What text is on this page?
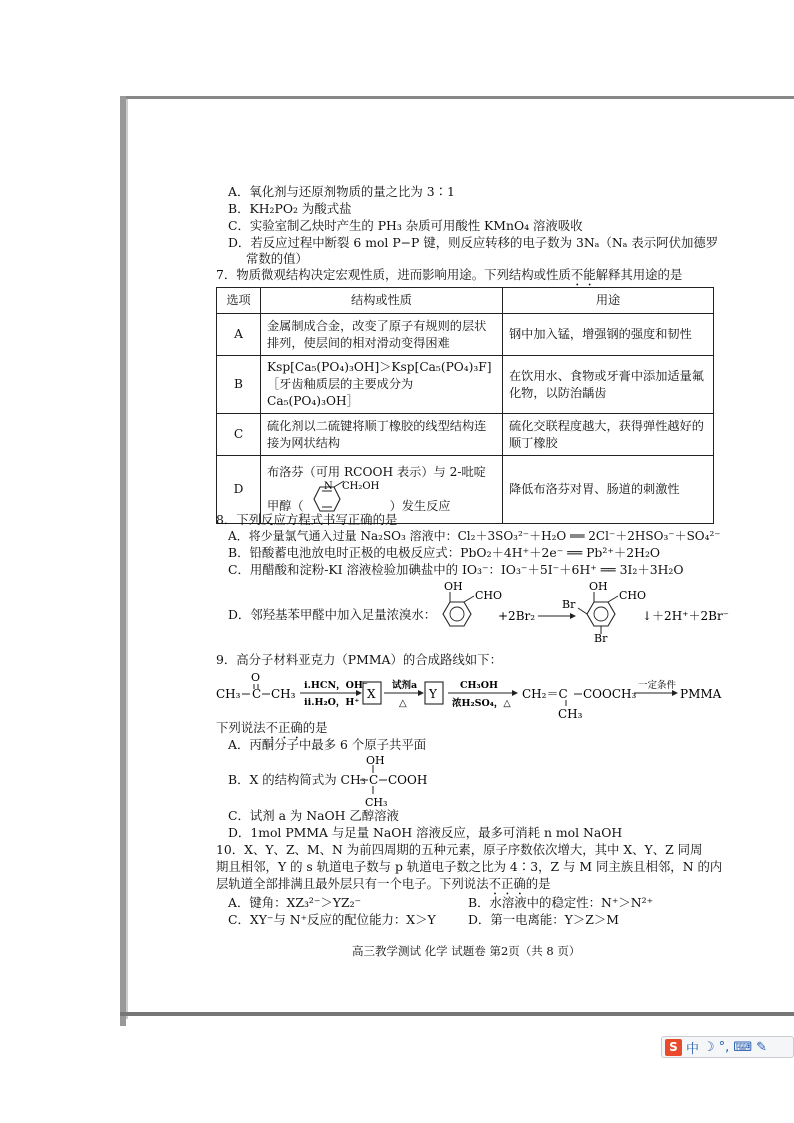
A．氧化剂与还原剂物质的量之比为 3∶1
B．KH₂PO₂ 为酸式盐
C．实验室制乙炔时产生的 PH₃ 杂质可用酸性 KMnO₄ 溶液吸收
D．若反应过程中断裂 6 mol P−P 键，则反应转移的电子数为 3Nₐ（Nₐ 表示阿伏加德罗
常数的值）
7．物质微观结构决定宏观性质，进而影响用途。下列结构或性质不能解释其用途的是
选项	结构或性质	用途
A	金属制成合金，改变了原子有规则的层状排列，使层间的相对滑动变得困难	钢中加入锰，增强钢的强度和韧性
B	Ksp[Ca₅(PO₄)₃OH]＞Ksp[Ca₅(PO₄)₃F]［牙齿釉质层的主要成分为 Ca₅(PO₄)₃OH］	在饮用水、食物或牙膏中添加适量氟化物，以防治龋齿
C	硫化剂以二硫键将顺丁橡胶的线型结构连接为网状结构	硫化交联程度越大，获得弹性越好的顺丁橡胶
D	布洛芬（可用 RCOOH 表示）与 2-吡啶
甲醇（
N CH₂OH
）发生反应	降低布洛芬对胃、肠道的刺激性
8．下列反应方程式书写正确的是
A．将少量氯气通入过量 Na₂SO₃ 溶液中：Cl₂＋3SO₃²⁻＋H₂O ══ 2Cl⁻＋2HSO₃⁻＋SO₄²⁻
B．铅酸蓄电池放电时正极的电极反应式：PbO₂＋4H⁺＋2e⁻ ══ Pb²⁺＋2H₂O
C．用醋酸和淀粉-KI 溶液检验加碘盐中的 IO₃⁻：IO₃⁻＋5I⁻＋6H⁺ ══ 3I₂＋3H₂O
D．邻羟基苯甲醛中加入足量浓溴水：
OH
CHO
+2Br₂
OH
CHO
Br
Br
↓＋2H⁺＋2Br⁻
9．高分子材料亚克力（PMMA）的合成路线如下：
CH₃ C
O
CH₃
i.HCN，OH⁻
ii.H₂O，H⁺
X
试剂a
△
Y
CH₃OH
浓H₂SO₄，△
CH₂＝C COOCH₃
CH₃
一定条件
PMMA
下列说法不正确的是
A．丙酮分子中最多 6 个原子共平面
B．X 的结构简式为 CH₃ C
OH
COOH
CH₃
C．试剂 a 为 NaOH 乙醇溶液
D．1mol PMMA 与足量 NaOH 溶液反应，最多可消耗 n mol NaOH
10．X、Y、Z、M、N 为前四周期的五种元素，原子序数依次增大，其中 X、Y、Z 同周
期且相邻，Y 的 s 轨道电子数与 p 轨道电子数之比为 4∶3，Z 与 M 同主族且相邻，N 的内
层轨道全部排满且最外层只有一个电子。下列说法不正确的是
A．键角：XZ₃²⁻＞YZ₂⁻	B．水溶液中的稳定性：N⁺＞N²⁺
C．XY⁻与 N⁺反应的配位能力：X＞Y	D．第一电离能：Y＞Z＞M
高三教学测试 化学 试题卷 第2页（共 8 页）
S 中 ☽ °, ⌨ ✎
